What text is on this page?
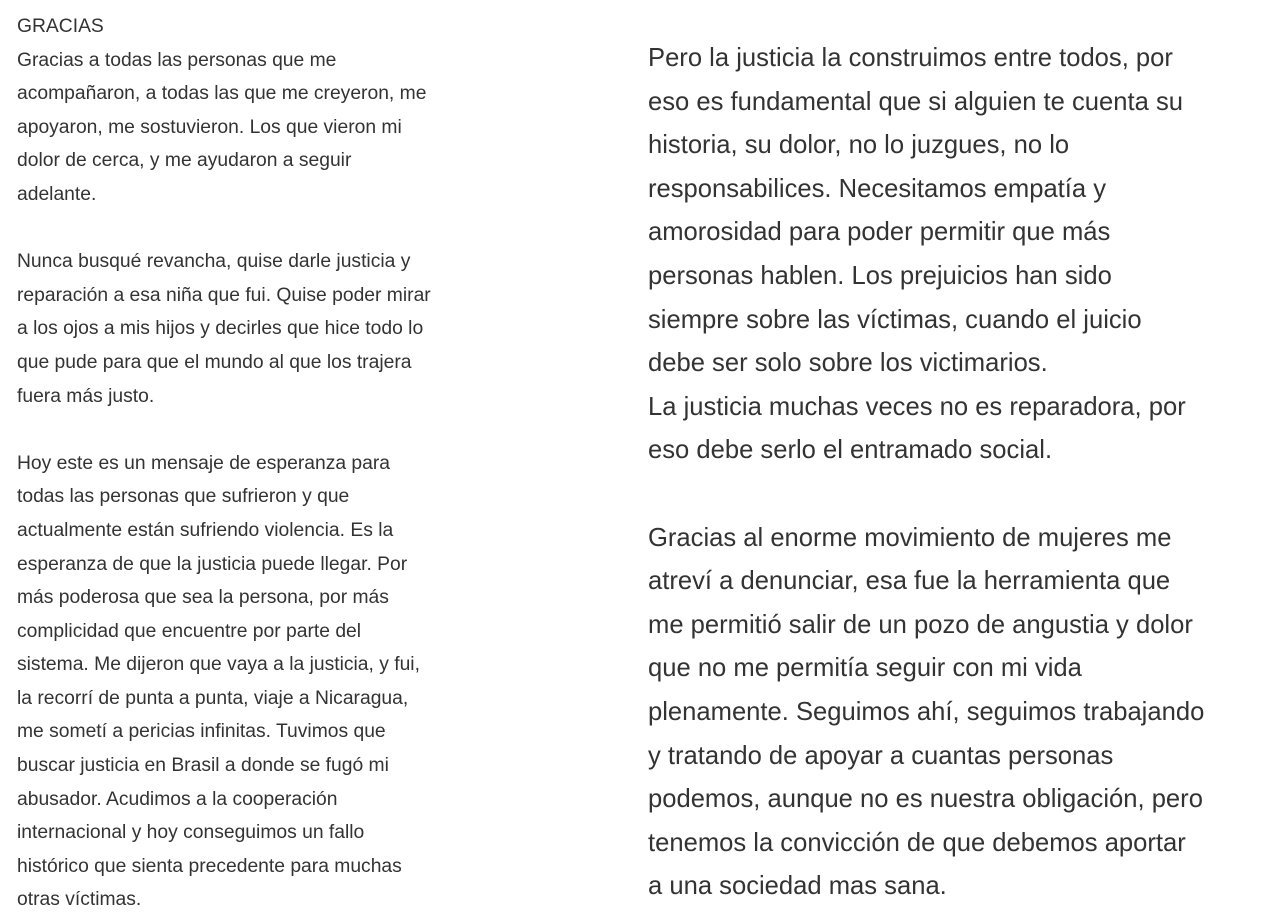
GRACIAS
Gracias a todas las personas que me
acompañaron, a todas las que me creyeron, me
apoyaron, me sostuvieron. Los que vieron mi
dolor de cerca, y me ayudaron a seguir
adelante.
Nunca busqué revancha, quise darle justicia y
reparación a esa niña que fui. Quise poder mirar
a los ojos a mis hijos y decirles que hice todo lo
que pude para que el mundo al que los trajera
fuera más justo.
Hoy este es un mensaje de esperanza para
todas las personas que sufrieron y que
actualmente están sufriendo violencia. Es la
esperanza de que la justicia puede llegar. Por
más poderosa que sea la persona, por más
complicidad que encuentre por parte del
sistema. Me dijeron que vaya a la justicia, y fui,
la recorrí de punta a punta, viaje a Nicaragua,
me sometí a pericias infinitas. Tuvimos que
buscar justicia en Brasil a donde se fugó mi
abusador. Acudimos a la cooperación
internacional y hoy conseguimos un fallo
histórico que sienta precedente para muchas
otras víctimas.
Pero la justicia la construimos entre todos, por
eso es fundamental que si alguien te cuenta su
historia, su dolor, no lo juzgues, no lo
responsabilices. Necesitamos empatía y
amorosidad para poder permitir que más
personas hablen. Los prejuicios han sido
siempre sobre las víctimas, cuando el juicio
debe ser solo sobre los victimarios.
La justicia muchas veces no es reparadora, por
eso debe serlo el entramado social.
Gracias al enorme movimiento de mujeres me
atreví a denunciar, esa fue la herramienta que
me permitió salir de un pozo de angustia y dolor
que no me permitía seguir con mi vida
plenamente. Seguimos ahí, seguimos trabajando
y tratando de apoyar a cuantas personas
podemos, aunque no es nuestra obligación, pero
tenemos la convicción de que debemos aportar
a una sociedad mas sana.
